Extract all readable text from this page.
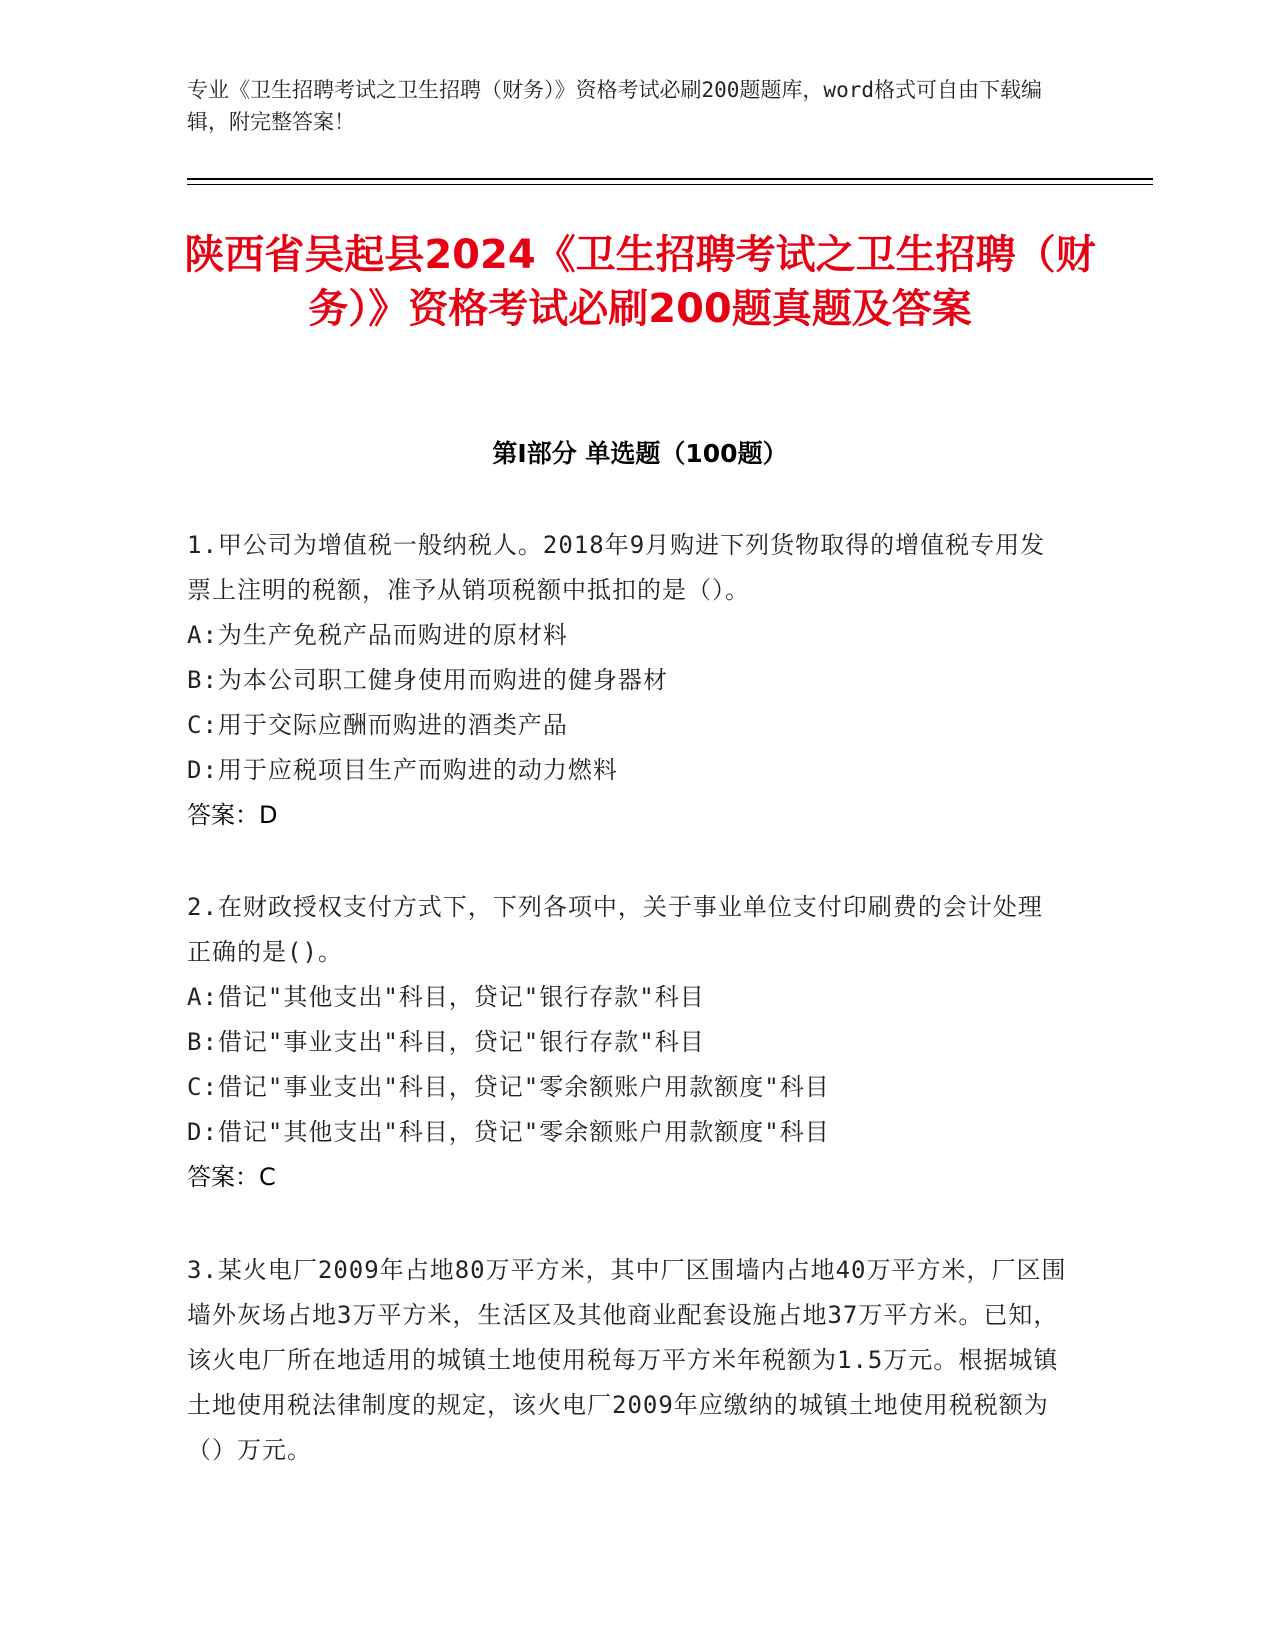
专业《卫生招聘考试之卫生招聘（财务）》资格考试必刷200题题库，word格式可自由下载编辑，附完整答案！

陕西省吴起县2024《卫生招聘考试之卫生招聘（财务）》资格考试必刷200题真题及答案
第Ⅰ部分 单选题（100题）

1.甲公司为增值税一般纳税人。2018年9月购进下列货物取得的增值税专用发票上注明的税额，准予从销项税额中抵扣的是（）。

A:为生产免税产品而购进的原材料

B:为本公司职工健身使用而购进的健身器材

C:用于交际应酬而购进的酒类产品

D:用于应税项目生产而购进的动力燃料

答案：D

2.在财政授权支付方式下，下列各项中，关于事业单位支付印刷费的会计处理正确的是()。

A:借记"其他支出"科目，贷记"银行存款"科目

B:借记"事业支出"科目，贷记"银行存款"科目

C:借记"事业支出"科目，贷记"零余额账户用款额度"科目

D:借记"其他支出"科目，贷记"零余额账户用款额度"科目

答案：C

3.某火电厂2009年占地80万平方米，其中厂区围墙内占地40万平方米，厂区围墙外灰场占地3万平方米，生活区及其他商业配套设施占地37万平方米。已知，该火电厂所在地适用的城镇土地使用税每万平方米年税额为1.5万元。根据城镇土地使用税法律制度的规定，该火电厂2009年应缴纳的城镇土地使用税税额为（）万元。
